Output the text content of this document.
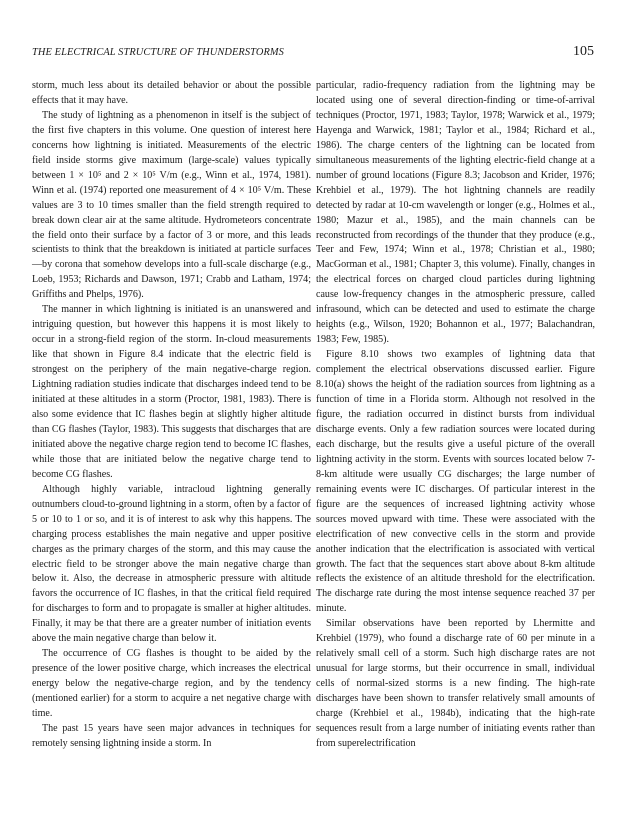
THE ELECTRICAL STRUCTURE OF THUNDERSTORMS	105

storm, much less about its detailed behavior or about the possible effects that it may have.

The study of lightning as a phenomenon in itself is the subject of the first five chapters in this volume. One question of interest here concerns how lightning is initiated. Measurements of the electric field inside storms give maximum (large-scale) values typically between 1 × 10⁵ and 2 × 10⁵ V/m (e.g., Winn et al., 1974, 1981). Winn et al. (1974) reported one measurement of 4 × 10⁵ V/m. These values are 3 to 10 times smaller than the field strength required to break down clear air at the same altitude. Hydrometeors concentrate the field onto their surface by a factor of 3 or more, and this leads scientists to think that the breakdown is initiated at particle surfaces—by corona that somehow develops into a full-scale discharge (e.g., Loeb, 1953; Richards and Dawson, 1971; Crabb and Latham, 1974; Griffiths and Phelps, 1976).

The manner in which lightning is initiated is an unanswered and intriguing question, but however this happens it is most likely to occur in a strong-field region of the storm. In-cloud measurements like that shown in Figure 8.4 indicate that the electric field is strongest on the periphery of the main negative-charge region. Lightning radiation studies indicate that discharges indeed tend to be initiated at these altitudes in a storm (Proctor, 1981, 1983). There is also some evidence that IC flashes begin at slightly higher altitude than CG flashes (Taylor, 1983). This suggests that discharges that are initiated above the negative charge region tend to become IC flashes, while those that are initiated below the negative charge tend to become CG flashes.

Although highly variable, intracloud lightning generally outnumbers cloud-to-ground lightning in a storm, often by a factor of 5 or 10 to 1 or so, and it is of interest to ask why this happens. The charging process establishes the main negative and upper positive charges as the primary charges of the storm, and this may cause the electric field to be stronger above the main negative charge than below it. Also, the decrease in atmospheric pressure with altitude favors the occurrence of IC flashes, in that the critical field required for discharges to form and to propagate is smaller at higher altitudes. Finally, it may be that there are a greater number of initiation events above the main negative charge than below it.

The occurrence of CG flashes is thought to be aided by the presence of the lower positive charge, which increases the electrical energy below the negative-charge region, and by the tendency (mentioned earlier) for a storm to acquire a net negative charge with time.

The past 15 years have seen major advances in techniques for remotely sensing lightning inside a storm. In

particular, radio-frequency radiation from the lightning may be located using one of several direction-finding or time-of-arrival techniques (Proctor, 1971, 1983; Taylor, 1978; Warwick et al., 1979; Hayenga and Warwick, 1981; Taylor et al., 1984; Richard et al., 1986). The charge centers of the lightning can be located from simultaneous measurements of the lighting electric-field change at a number of ground locations (Figure 8.3; Jacobson and Krider, 1976; Krehbiel et al., 1979). The hot lightning channels are readily detected by radar at 10-cm wavelength or longer (e.g., Holmes et al., 1980; Mazur et al., 1985), and the main channels can be reconstructed from recordings of the thunder that they produce (e.g., Teer and Few, 1974; Winn et al., 1978; Christian et al., 1980; MacGorman et al., 1981; Chapter 3, this volume). Finally, changes in the electrical forces on charged cloud particles during lightning cause low-frequency changes in the atmospheric pressure, called infrasound, which can be detected and used to estimate the charge heights (e.g., Wilson, 1920; Bohannon et al., 1977; Balachandran, 1983; Few, 1985).

Figure 8.10 shows two examples of lightning data that complement the electrical observations discussed earlier. Figure 8.10(a) shows the height of the radiation sources from lightning as a function of time in a Florida storm. Although not resolved in the figure, the radiation occurred in distinct bursts from individual discharge events. Only a few radiation sources were located during each discharge, but the results give a useful picture of the overall lightning activity in the storm. Events with sources located below 7-8-km altitude were usually CG discharges; the large number of remaining events were IC discharges. Of particular interest in the figure are the sequences of increased lightning activity whose sources moved upward with time. These were associated with the electrification of new convective cells in the storm and provide another indication that the electrification is associated with vertical growth. The fact that the sequences start above about 8-km altitude reflects the existence of an altitude threshold for the electrification. The discharge rate during the most intense sequence reached 37 per minute.

Similar observations have been reported by Lhermitte and Krehbiel (1979), who found a discharge rate of 60 per minute in a relatively small cell of a storm. Such high discharge rates are not unusual for large storms, but their occurrence in small, individual cells of normal-sized storms is a new finding. The high-rate discharges have been shown to transfer relatively small amounts of charge (Krehbiel et al., 1984b), indicating that the high-rate sequences result from a large number of initiating events rather than from superelectrification
